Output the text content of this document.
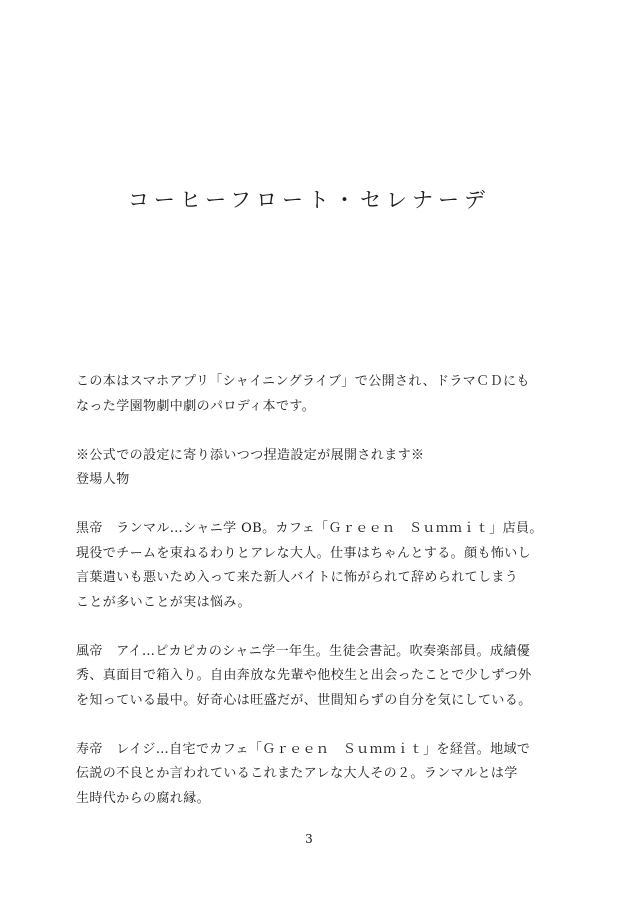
コーヒーフロート・セレナーデ

この本はスマホアプリ「シャイニングライブ」で公開され、ドラマＣＤにも
なった学園物劇中劇のパロディ本です。

※公式での設定に寄り添いつつ捏造設定が展開されます※
登場人物

黒帝　ランマル…シャニ学 OB。カフェ「Ｇｒｅｅｎ　Ｓｕｍｍｉｔ」店員。
現役でチームを束ねるわりとアレな大人。仕事はちゃんとする。顔も怖いし
言葉遣いも悪いため入って来た新人バイトに怖がられて辞められてしまう
ことが多いことが実は悩み。

風帝　アイ…ピカピカのシャニ学一年生。生徒会書記。吹奏楽部員。成績優
秀、真面目で箱入り。自由奔放な先輩や他校生と出会ったことで少しずつ外
を知っている最中。好奇心は旺盛だが、世間知らずの自分を気にしている。

寿帝　レイジ…自宅でカフェ「Ｇｒｅｅｎ　Ｓｕｍｍｉｔ」を経営。地域で
伝説の不良とか言われているこれまたアレな大人その２。ランマルとは学
生時代からの腐れ縁。

3
